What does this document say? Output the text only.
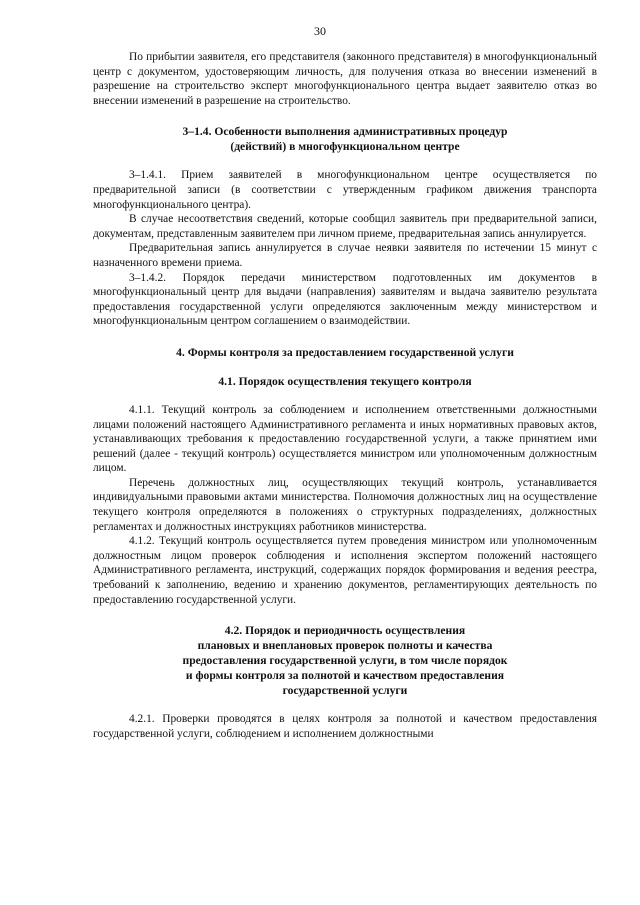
30

По прибытии заявителя, его представителя (законного представителя) в многофункциональный центр с документом, удостоверяющим личность, для получения отказа во внесении изменений в разрешение на строительство эксперт многофункционального центра выдает заявителю отказ во внесении изменений в разрешение на строительство.

3–1.4. Особенности выполнения административных процедур
(действий) в многофункциональном центре

3–1.4.1. Прием заявителей в многофункциональном центре осуществляется по предварительной записи (в соответствии с утвержденным графиком движения транспорта многофункционального центра).

В случае несоответствия сведений, которые сообщил заявитель при предварительной записи, документам, представленным заявителем при личном приеме, предварительная запись аннулируется.

Предварительная запись аннулируется в случае неявки заявителя по истечении 15 минут с назначенного времени приема.

3–1.4.2. Порядок передачи министерством подготовленных им документов в многофункциональный центр для выдачи (направления) заявителям и выдача заявителю результата предоставления государственной услуги определяются заключенным между министерством и многофункциональным центром соглашением о взаимодействии.

4. Формы контроля за предоставлением государственной услуги
4.1. Порядок осуществления текущего контроля

4.1.1. Текущий контроль за соблюдением и исполнением ответственными должностными лицами положений настоящего Административного регламента и иных нормативных правовых актов, устанавливающих требования к предоставлению государственной услуги, а также принятием ими решений (далее - текущий контроль) осуществляется министром или уполномоченным должностным лицом.

Перечень должностных лиц, осуществляющих текущий контроль, устанавливается индивидуальными правовыми актами министерства. Полномочия должностных лиц на осуществление текущего контроля определяются в положениях о структурных подразделениях, должностных регламентах и должностных инструкциях работников министерства.

4.1.2. Текущий контроль осуществляется путем проведения министром или уполномоченным должностным лицом проверок соблюдения и исполнения экспертом положений настоящего Административного регламента, инструкций, содержащих порядок формирования и ведения реестра, требований к заполнению, ведению и хранению документов, регламентирующих деятельность по предоставлению государственной услуги.

4.2. Порядок и периодичность осуществления
плановых и внеплановых проверок полноты и качества
предоставления государственной услуги, в том числе порядок
и формы контроля за полнотой и качеством предоставления
государственной услуги

4.2.1. Проверки проводятся в целях контроля за полнотой и качеством предоставления государственной услуги, соблюдением и исполнением должностными
